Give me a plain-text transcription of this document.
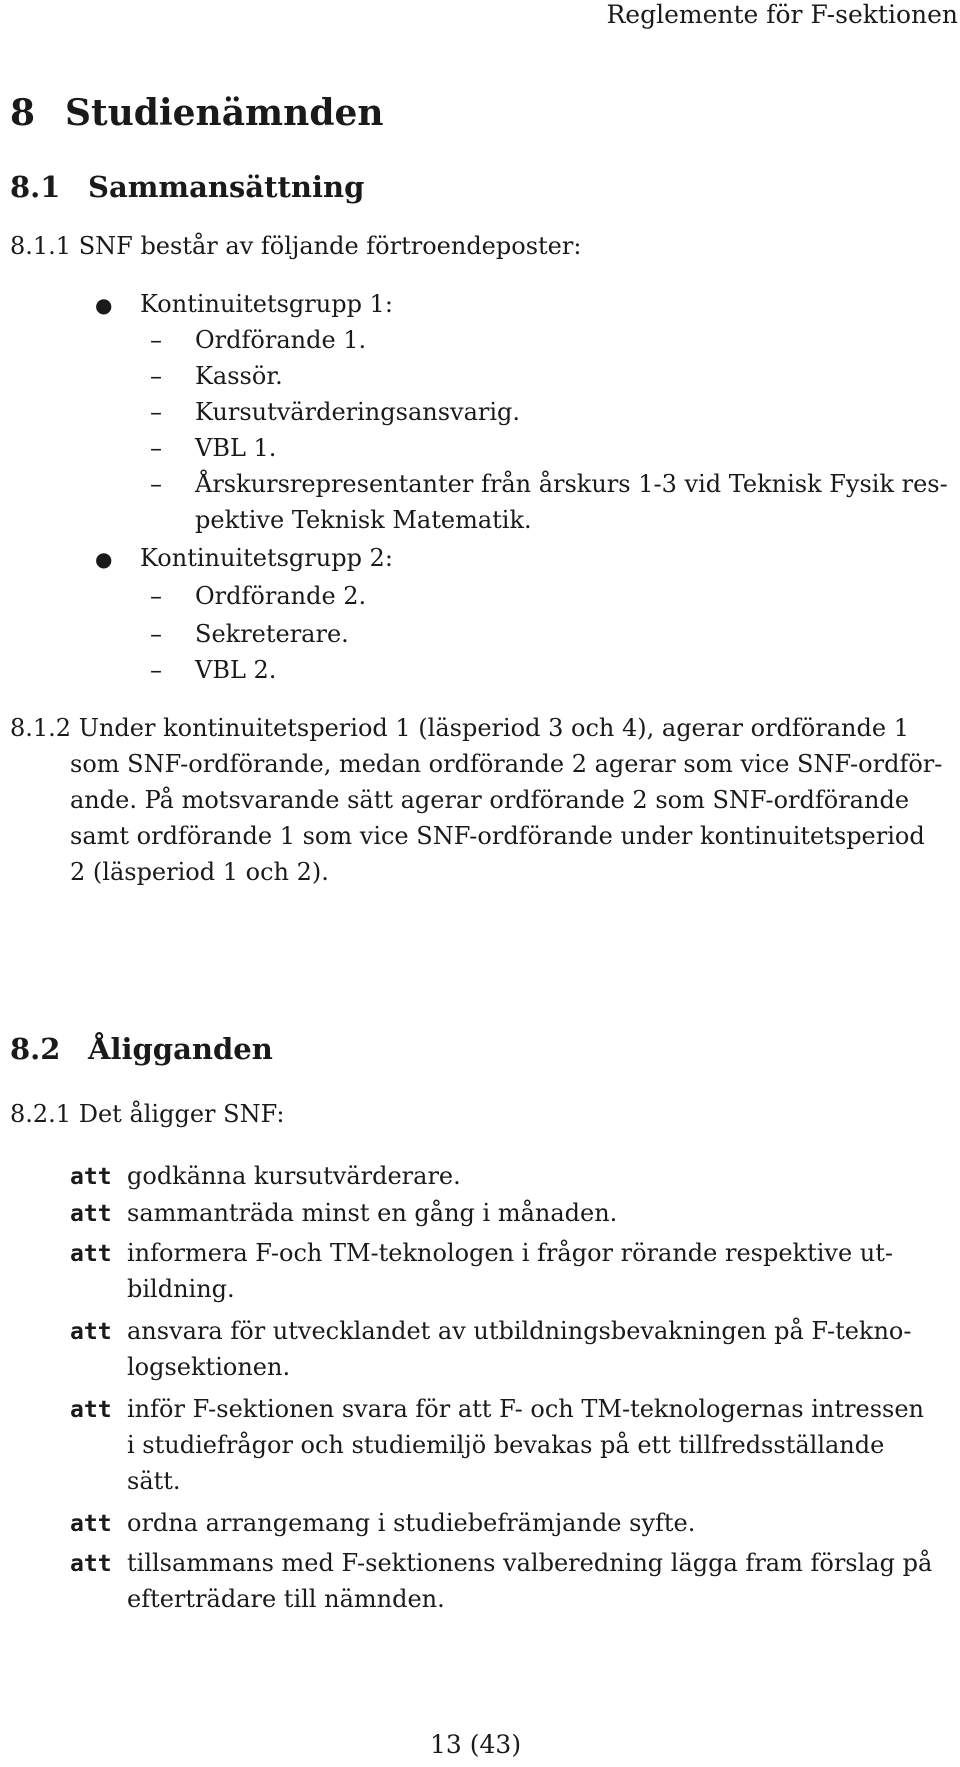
Reglemente för F-sektionen
8 Studienämnden
8.1 Sammansättning
8.1.1 SNF består av följande förtroendeposter:
● Kontinuitetsgrupp 1:
– Ordförande 1.
– Kassör.
– Kursutvärderingsansvarig.
– VBL 1.
– Årskursrepresentanter från årskurs 1-3 vid Teknisk Fysik res-
pektive Teknisk Matematik.
● Kontinuitetsgrupp 2:
– Ordförande 2.
– Sekreterare.
– VBL 2.
8.1.2 Under kontinuitetsperiod 1 (läsperiod 3 och 4), agerar ordförande 1
som SNF-ordförande, medan ordförande 2 agerar som vice SNF-ordför-
ande. På motsvarande sätt agerar ordförande 2 som SNF-ordförande
samt ordförande 1 som vice SNF-ordförande under kontinuitetsperiod
2 (läsperiod 1 och 2).
8.2 Åligganden
8.2.1 Det åligger SNF:
att godkänna kursutvärderare.
att sammanträda minst en gång i månaden.
att informera F-och TM-teknologen i frågor rörande respektive ut-
bildning.
att ansvara för utvecklandet av utbildningsbevakningen på F-tekno-
logsektionen.
att inför F-sektionen svara för att F- och TM-teknologernas intressen
i studiefrågor och studiemiljö bevakas på ett tillfredsställande
sätt.
att ordna arrangemang i studiebefrämjande syfte.
att tillsammans med F-sektionens valberedning lägga fram förslag på
efterträdare till nämnden.
13 (43)
